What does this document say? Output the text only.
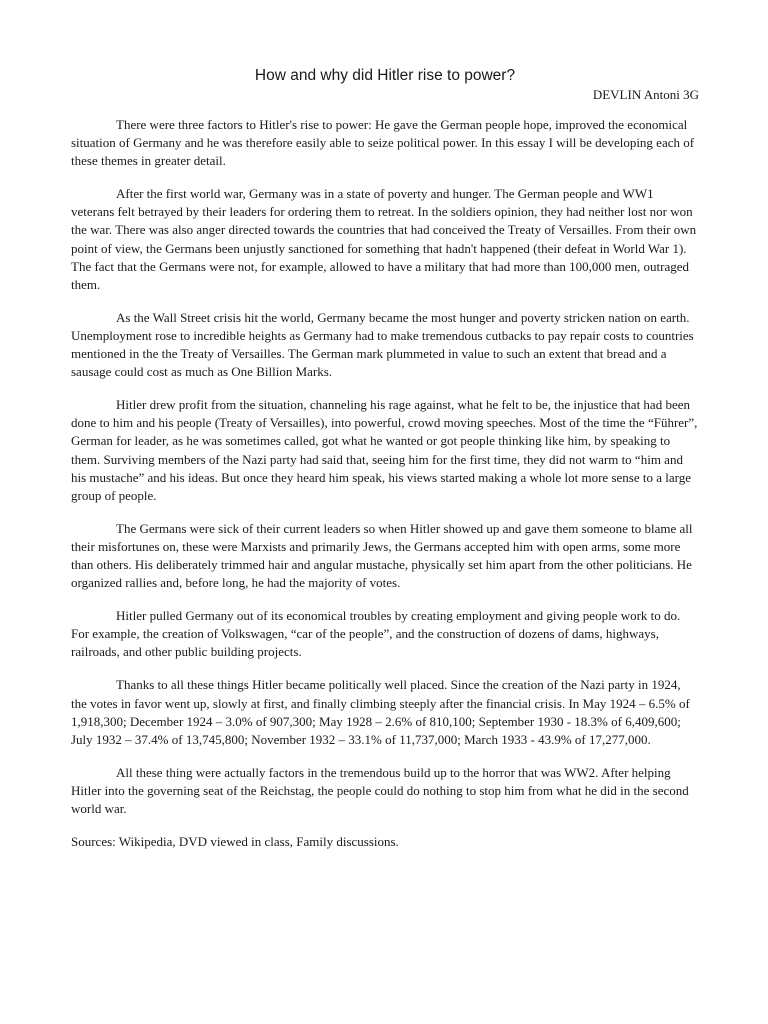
How and why did Hitler rise to power?

DEVLIN Antoni 3G

There were three factors to Hitler's rise to power: He gave the German people hope, improved the economical situation of Germany and he was therefore easily able to seize political power. In this essay I will be developing each of these themes in greater detail.

After the first world war, Germany was in a state of poverty and hunger. The German people and WW1 veterans felt betrayed by their leaders for ordering them to retreat. In the soldiers opinion, they had neither lost nor won the war. There was also anger directed towards the countries that had conceived the Treaty of Versailles. From their own point of view, the Germans been unjustly sanctioned for something that hadn't happened (their defeat in World War 1). The fact that the Germans were not, for example, allowed to have a military that had more than 100,000 men, outraged them.

As the Wall Street crisis hit the world, Germany became the most hunger and poverty stricken nation on earth. Unemployment rose to incredible heights as Germany had to make tremendous cutbacks to pay repair costs to countries mentioned in the the Treaty of Versailles. The German mark plummeted in value to such an extent that bread and a sausage could cost as much as One Billion Marks.

Hitler drew profit from the situation, channeling his rage against, what he felt to be, the injustice that had been done to him and his people (Treaty of Versailles), into powerful, crowd moving speeches. Most of the time the “Führer”, German for leader, as he was sometimes called, got what he wanted or got people thinking like him, by speaking to them. Surviving members of the Nazi party had said that, seeing him for the first time, they did not warm to “him and his mustache” and his ideas. But once they heard him speak, his views started making a whole lot more sense to a large group of people.

The Germans were sick of their current leaders so when Hitler showed up and gave them someone to blame all their misfortunes on, these were Marxists and primarily Jews, the Germans accepted him with open arms, some more than others. His deliberately trimmed hair and angular mustache, physically set him apart from the other politicians. He organized rallies and, before long, he had the majority of votes.

Hitler pulled Germany out of its economical troubles by creating employment and giving people work to do. For example, the creation of Volkswagen, “car of the people”, and the construction of dozens of dams, highways, railroads, and other public building projects.

Thanks to all these things Hitler became politically well placed. Since the creation of the Nazi party in 1924, the votes in favor went up, slowly at first, and finally climbing steeply after the financial crisis. In May 1924 – 6.5% of 1,918,300; December 1924 – 3.0% of 907,300; May 1928 – 2.6% of 810,100; September 1930 - 18.3% of 6,409,600; July 1932 – 37.4% of 13,745,800; November 1932 – 33.1% of 11,737,000; March 1933 - 43.9% of 17,277,000.

All these thing were actually factors in the tremendous build up to the horror that was WW2. After helping Hitler into the governing seat of the Reichstag, the people could do nothing to stop him from what he did in the second world war.

Sources: Wikipedia, DVD viewed in class, Family discussions.
